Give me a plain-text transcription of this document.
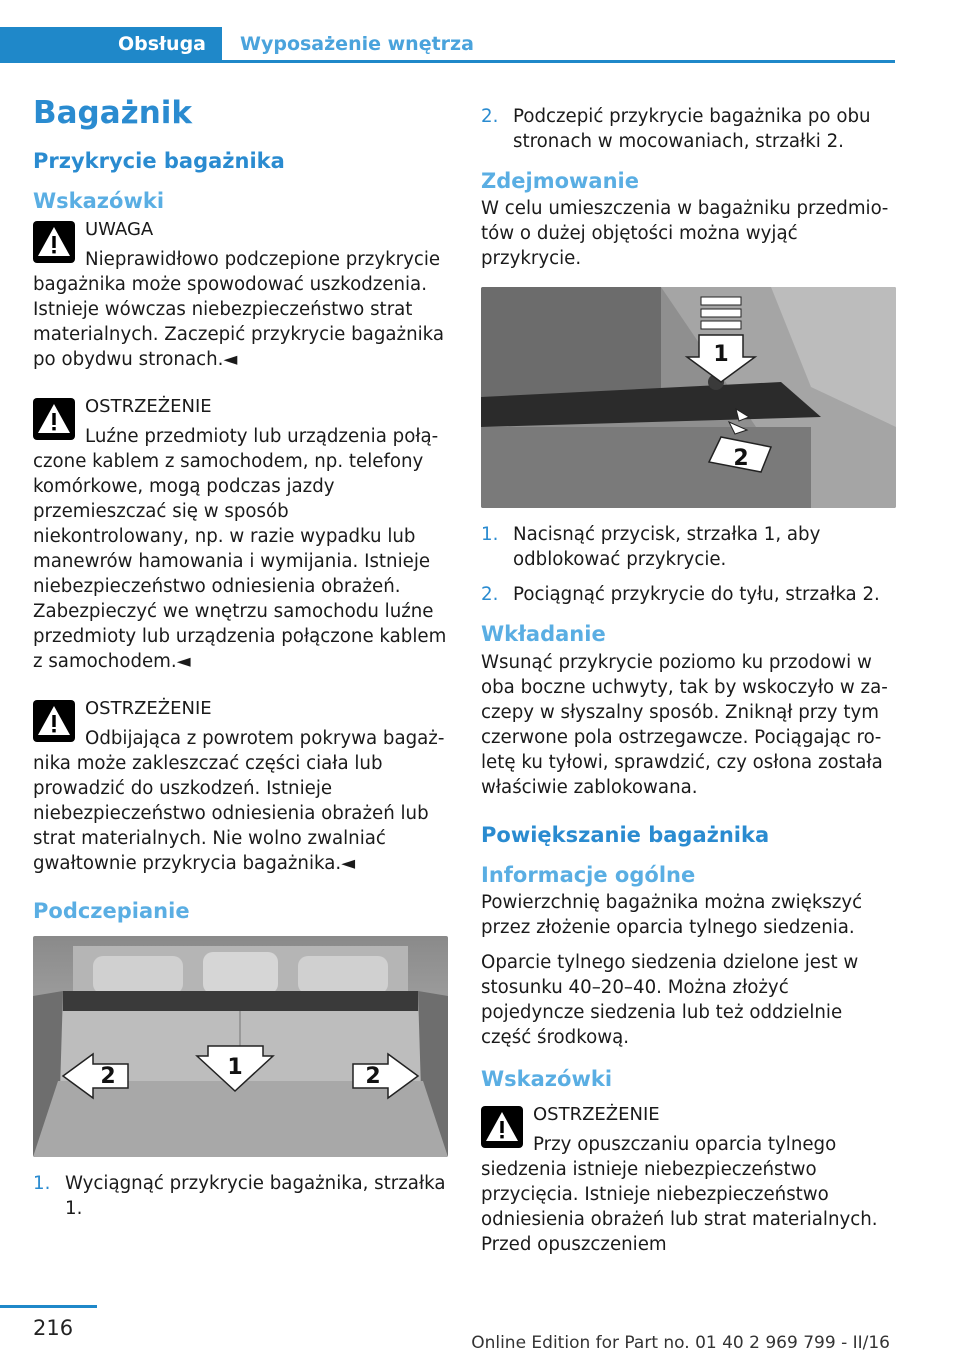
Obsługa	Wyposażenie wnętrza
Bagażnik
Przykrycie bagażnika
Wskazówki
UWAGA
Nieprawidłowo podczepione przykrycie bagażnika może spowodować uszkodzenia. Istnieje wówczas niebezpieczeństwo strat materialnych. Zaczepić przykrycie bagażnika po obydwu stronach.◄
OSTRZEŻENIE
Luźne przedmioty lub urządzenia połączone kablem z samochodem, np. telefony komórkowe, mogą podczas jazdy przemieszczać się w sposób niekontrolowany, np. w razie wypadku lub manewrów hamowania i wymijania. Istnieje niebezpieczeństwo odniesienia obrażeń. Zabezpieczyć we wnętrzu samochodu luźne przedmioty lub urządzenia połączone kablem z samochodem.◄
OSTRZEŻENIE
Odbijająca z powrotem pokrywa bagażnika może zakleszczać części ciała lub prowadzić do uszkodzeń. Istnieje niebezpieczeństwo odniesienia obrażeń lub strat materialnych. Nie wolno zwalniać gwałtownie przykrycia bagażnika.◄
Podczepianie
1
2	2
1. Wyciągnąć przykrycie bagażnika, strzałka 1.
2. Podczepić przykrycie bagażnika po obu stronach w mocowaniach, strzałki 2.
Zdejmowanie

W celu umieszczenia w bagażniku przedmiotów o dużej objętości można wyjąć przykrycie.

1
2
1. Nacisnąć przycisk, strzałka 1, aby odblokować przykrycie.
2. Pociągnąć przykrycie do tyłu, strzałka 2.
Wkładanie

Wsunąć przykrycie poziomo ku przodowi w oba boczne uchwyty, tak by wskoczyło w zaczepy w słyszalny sposób. Zniknął przy tym czerwone pola ostrzegawcze. Pociągając roletę ku tyłowi, sprawdzić, czy osłona została właściwie zablokowana.

Powiększanie bagażnika
Informacje ogólne

Powierzchnię bagażnika można zwiększyć przez złożenie oparcia tylnego siedzenia.

Oparcie tylnego siedzenia dzielone jest w stosunku 40–20–40. Można złożyć pojedyncze siedzenia lub też oddzielnie część środkową.

Wskazówki
OSTRZEŻENIE
Przy opuszczaniu oparcia tylnego siedzenia istnieje niebezpieczeństwo przycięcia. Istnieje niebezpieczeństwo odniesienia obrażeń lub strat materialnych. Przed opuszczeniem
216
Online Edition for Part no. 01 40 2 969 799 - II/16
